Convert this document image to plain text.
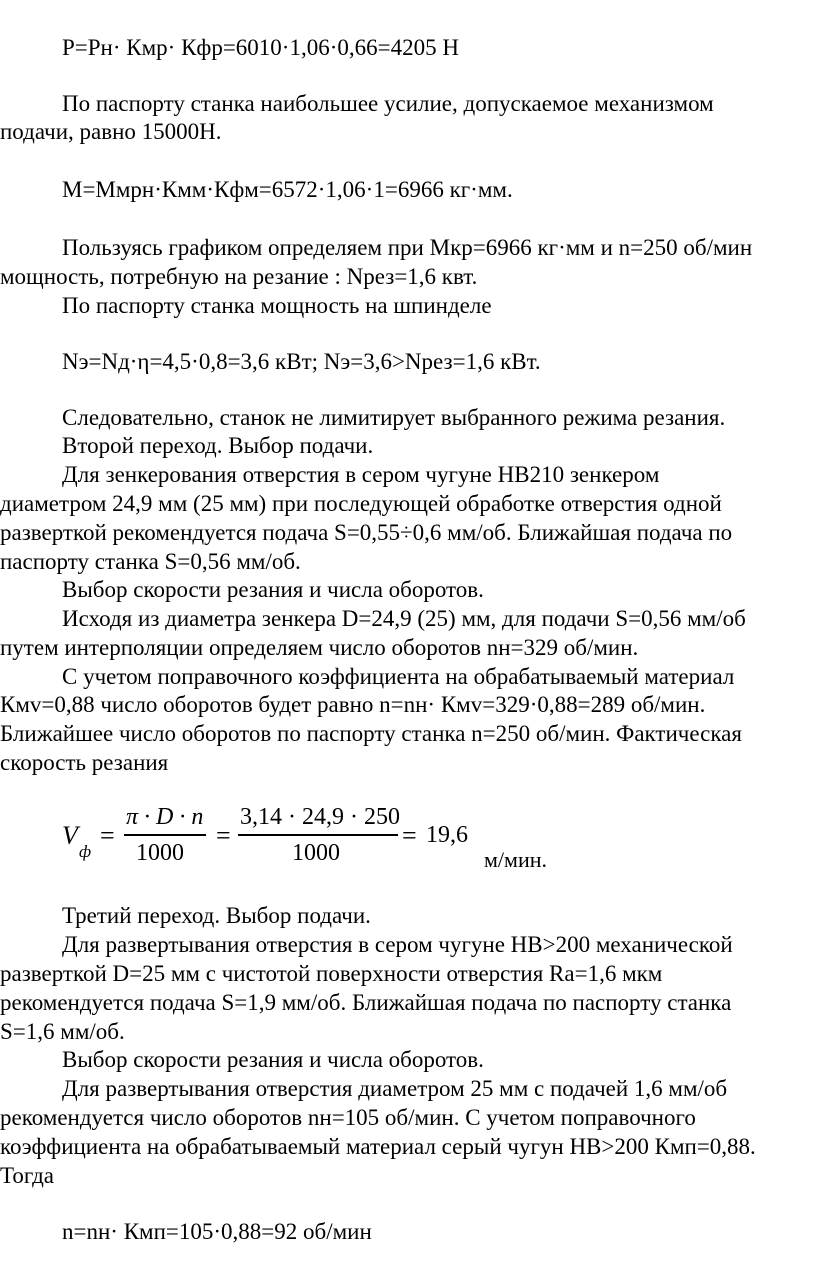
P=Pн· Кмр· Кфр=6010·1,06·0,66=4205 Н
По паспорту станка наибольшее усилие, допускаемое механизмом
подачи, равно 15000Н.
М=Ммрн·Кмм·Кфм=6572·1,06·1=6966 кг·мм.
Пользуясь графиком определяем при Мкр=6966 кг·мм и n=250 об/мин
мощность, потребную на резание : Nрез=1,6 квт.
По паспорту станка мощность на шпинделе
Nэ=Nд·η=4,5·0,8=3,6 кВт; Nэ=3,6>Nрез=1,6 кВт.
Следовательно, станок не лимитирует выбранного режима резания.
Второй переход. Выбор подачи.
Для зенкерования отверстия в сером чугуне НВ210 зенкером
диаметром 24,9 мм (25 мм) при последующей обработке отверстия одной
разверткой рекомендуется подача S=0,55÷0,6 мм/об. Ближайшая подача по
паспорту станка S=0,56 мм/об.
Выбор скорости резания и числа оборотов.
Исходя из диаметра зенкера D=24,9 (25) мм, для подачи S=0,56 мм/об
путем интерполяции определяем число оборотов nн=329 об/мин.
С учетом поправочного коэффициента на обрабатываемый материал
Кмv=0,88 число оборотов будет равно n=nн· Кмv=329·0,88=289 об/мин.
Ближайшее число оборотов по паспорту станка n=250 об/мин. Фактическая
скорость резания
V
ф
=
π · D · n
1000
=
3,14 · 24,9 · 250
1000
= 19,6
м/мин.
Третий переход. Выбор подачи.
Для развертывания отверстия в сером чугуне НВ>200 механической
разверткой D=25 мм с чистотой поверхности отверстия Ra=1,6 мкм
рекомендуется подача S=1,9 мм/об. Ближайшая подача по паспорту станка
S=1,6 мм/об.
Выбор скорости резания и числа оборотов.
Для развертывания отверстия диаметром 25 мм с подачей 1,6 мм/об
рекомендуется число оборотов nн=105 об/мин. С учетом поправочного
коэффициента на обрабатываемый материал серый чугун НВ>200 Кмп=0,88.
Тогда
n=nн· Кмп=105·0,88=92 об/мин
